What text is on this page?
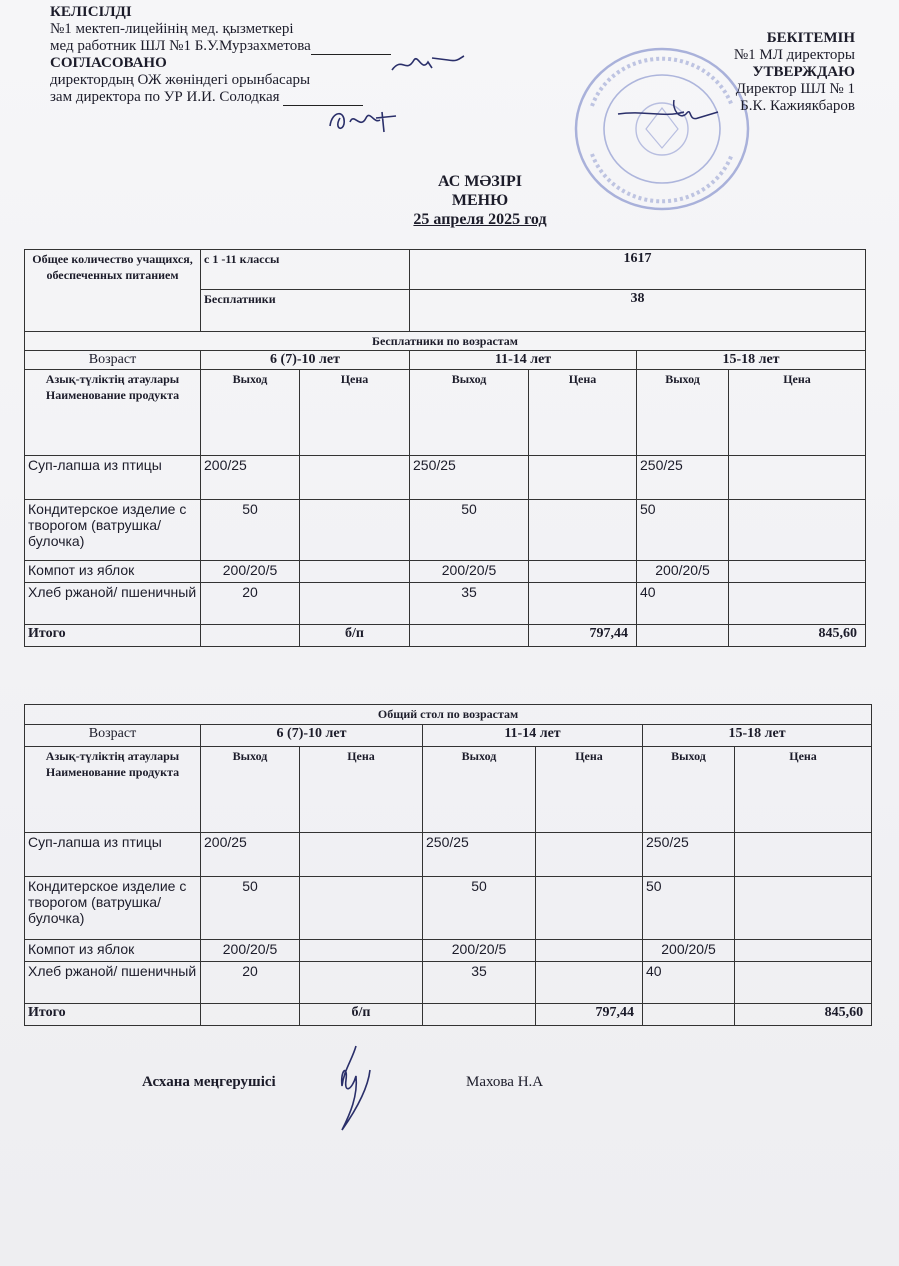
КЕЛІСІЛДІ
№1 мектеп-лицейінің мед. қызметкері
мед работник ШЛ №1 Б.У.Мурзахметова
СОГЛАСОВАНО
директордың ОЖ жөніндегі орынбасары
зам директора по УР И.И. Солодкая
БЕКІТЕМІН
№1 МЛ директоры
УТВЕРЖДАЮ
Директор ШЛ № 1
Б.К. Кажиякбаров
АС МӘЗІРІ
МЕНЮ
25 апреля 2025 год
Общее количество учащихся, обеспеченных питанием	с 1 -11 классы		1617			
	Бесплатники		38			
Бесплатники по возрастам						
Возраст	6 (7)-10 лет		11-14 лет		15-18 лет	
Азық-түліктің атаулары Наименование продукта	Выход	Цена	Выход	Цена	Выход	Цена
Суп-лапша из птицы	200/25		250/25		250/25	
Кондитерское изделие с творогом (ватрушка/булочка)	50		50		50	
Компот из яблок	200/20/5		200/20/5		200/20/5	
Хлеб ржаной/ пшеничный	20		35		40	
Итого		б/п		797,44		845,60
Общий стол по возрастам						
Возраст	6 (7)-10 лет		11-14 лет		15-18 лет	
Азық-түліктің атаулары Наименование продукта	Выход	Цена	Выход	Цена	Выход	Цена
Суп-лапша из птицы	200/25		250/25		250/25	
Кондитерское изделие с творогом (ватрушка/булочка)	50		50		50	
Компот из яблок	200/20/5		200/20/5		200/20/5	
Хлеб ржаной/ пшеничный	20		35		40	
Итого		б/п		797,44		845,60
Асхана меңгерушісі	Махова Н.А
